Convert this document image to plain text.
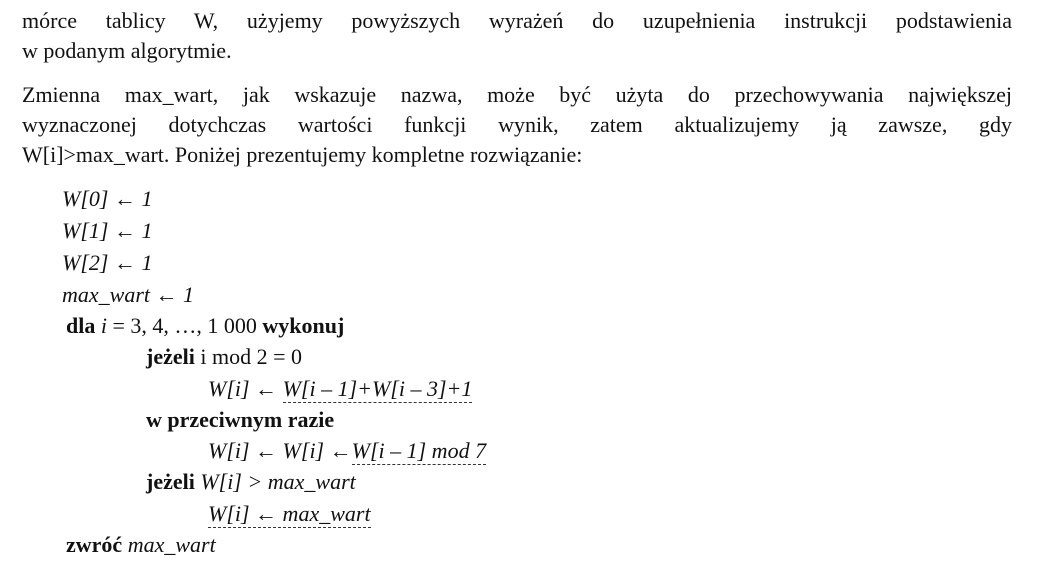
mórce tablicy W, użyjemy powyższych wyrażeń do uzupełnienia instrukcji podstawienia
w podanym algorytmie.
Zmienna max_wart, jak wskazuje nazwa, może być użyta do przechowywania największej
wyznaczonej dotychczas wartości funkcji wynik, zatem aktualizujemy ją zawsze, gdy
W[i]>max_wart. Poniżej prezentujemy kompletne rozwiązanie:
W[0] ← 1
W[1] ← 1
W[2] ← 1
max_wart ← 1
dla i = 3, 4, …, 1 000 wykonuj
jeżeli i mod 2 = 0
W[i] ← W[i – 1]+W[i – 3]+1
w przeciwnym razie
W[i] ← W[i] ←W[i – 1] mod 7
jeżeli W[i] > max_wart
W[i] ← max_wart
zwróć max_wart
